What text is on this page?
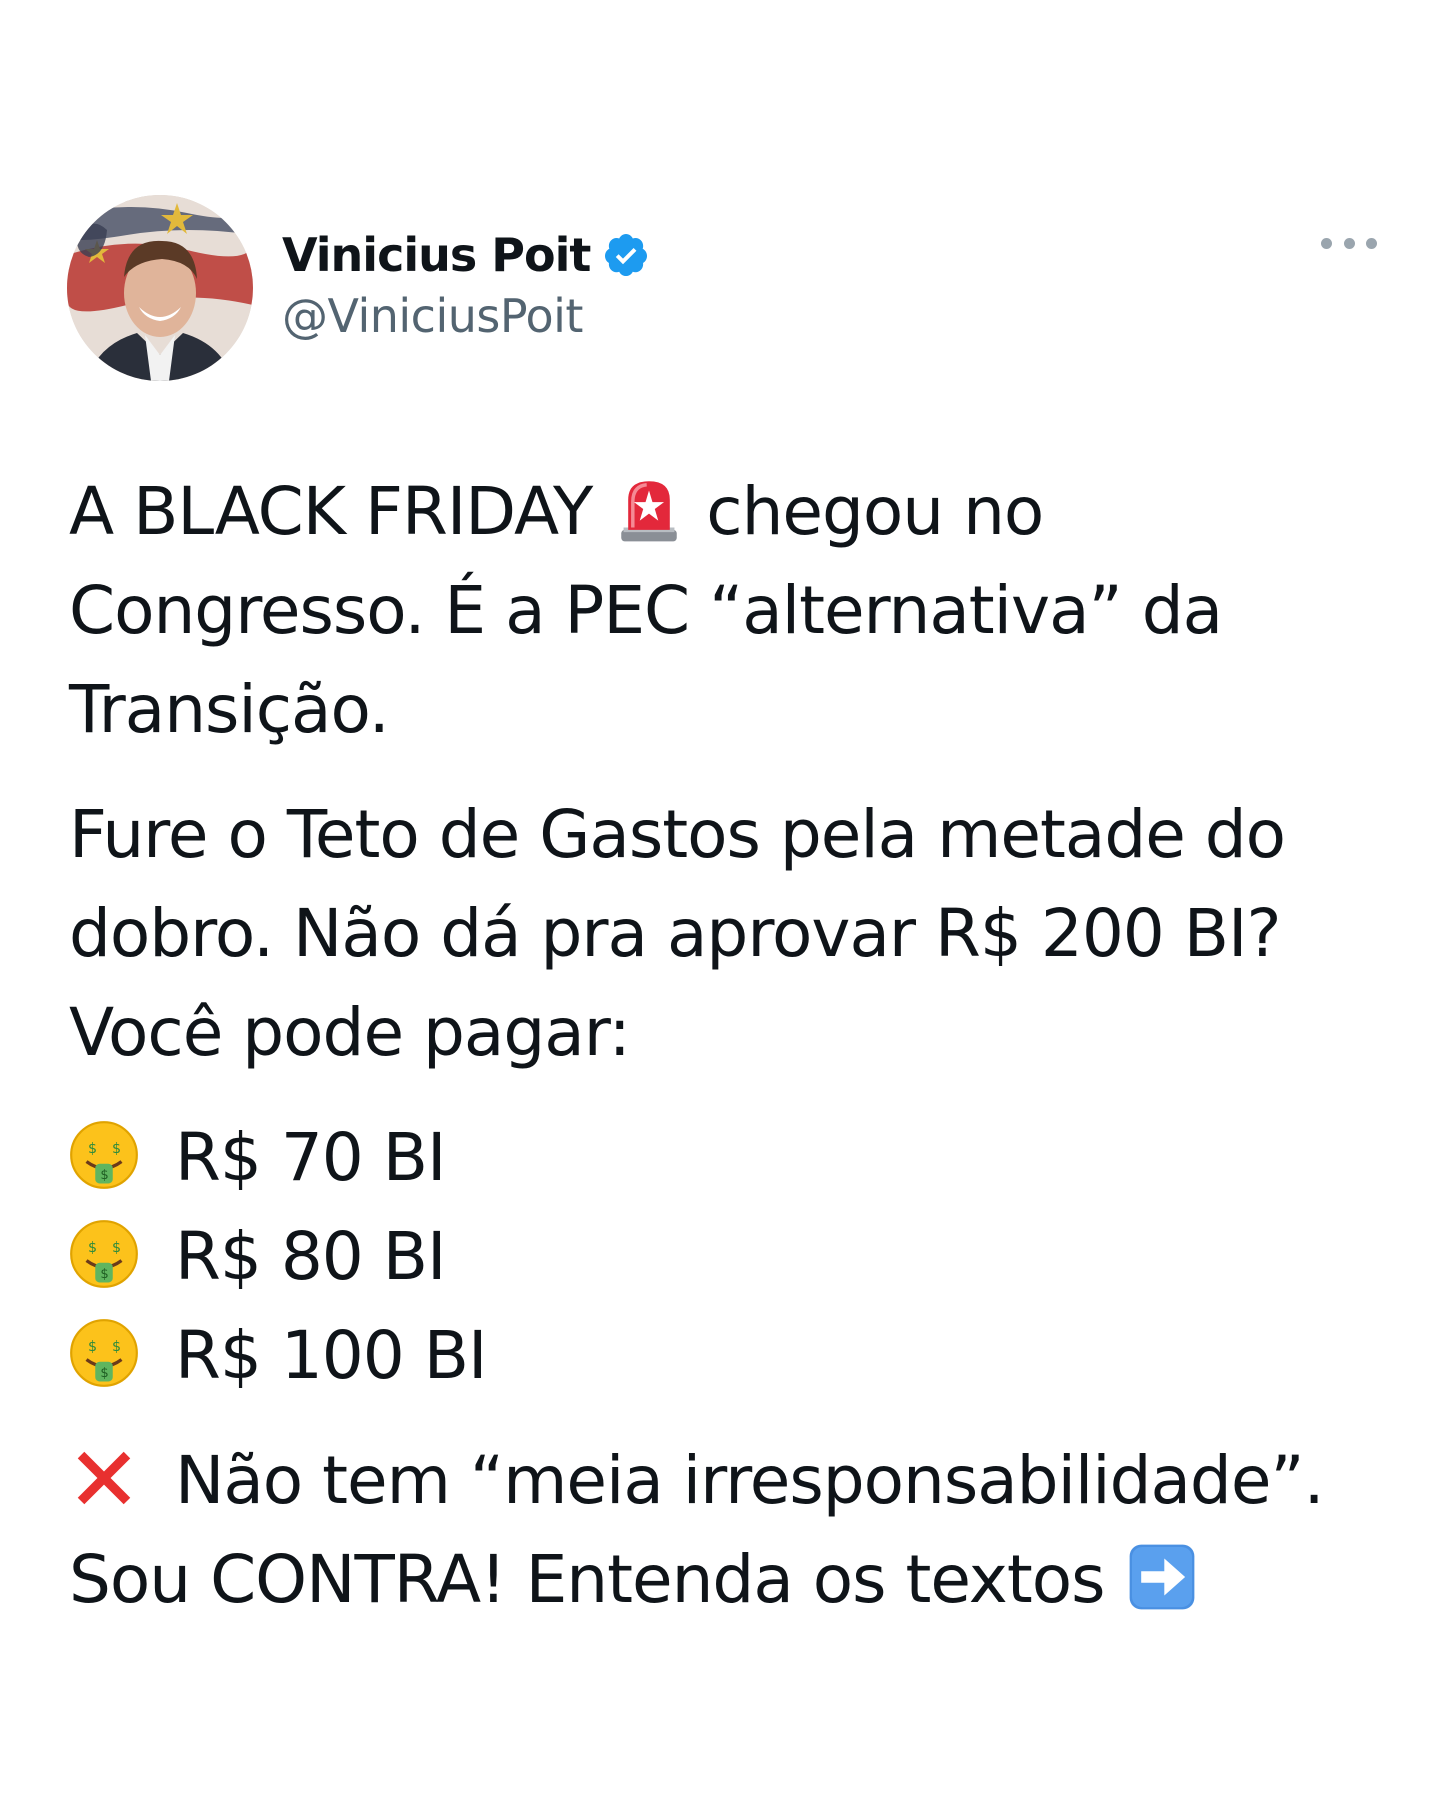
Vinicius Poit
@ViniciusPoit
A BLACK FRIDAY chegou no
Congresso. É a PEC “alternativa” da
Transição.
Fure o Teto de Gastos pela metade do
dobro. Não dá pra aprovar R$ 200 BI?
Você pode pagar:
$ $
$ R$ 70 BI
$ $
$ R$ 80 BI
$ $
$ R$ 100 BI
Não tem “meia irresponsabilidade”.
Sou CONTRA! Entenda os textos
